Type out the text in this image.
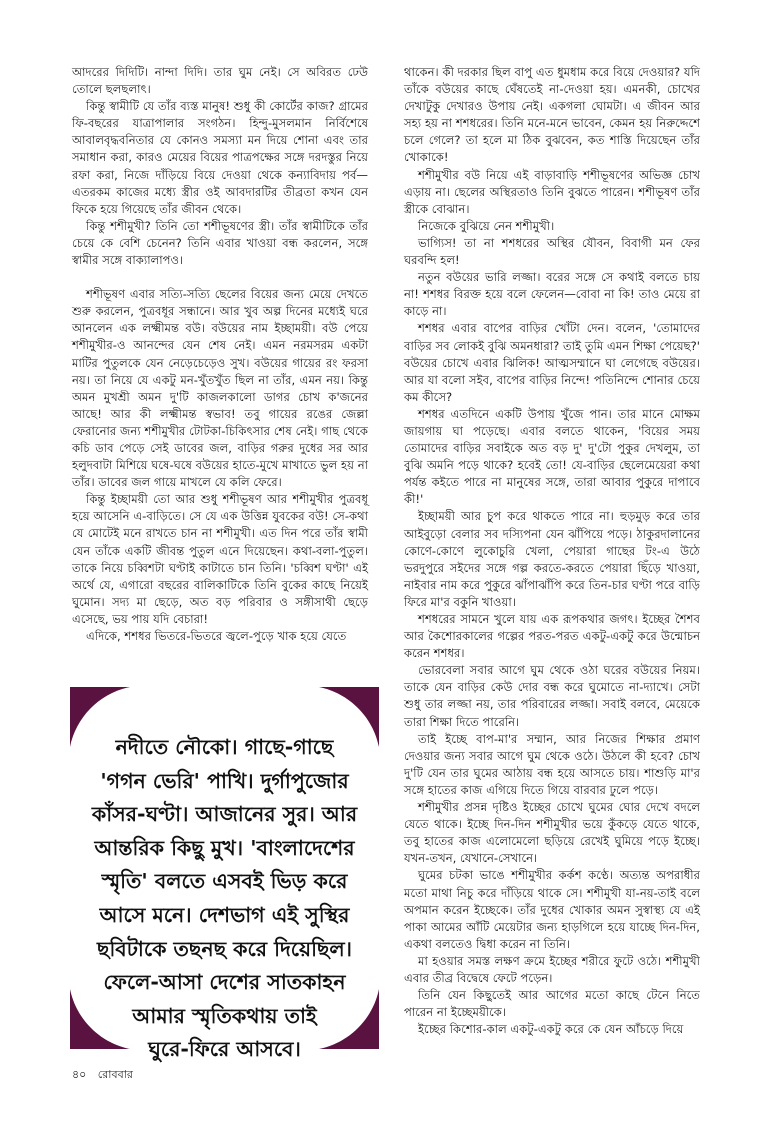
আদরের দিদিটি। নান্দা দিদি। তার ঘুম নেই। সে অবিরত ঢেউ তোলে ছলছলাৎ।

কিন্তু স্বামীটি যে তাঁর ব্যস্ত মানুষ! শুধু কী কোর্টের কাজ? গ্রামের ফি-বছরের যাত্রাপালার সংগঠন। হিন্দু-মুসলমান নির্বিশেষে আবালবৃদ্ধবনিতার যে কোনও সমস্যা মন দিয়ে শোনা এবং তার সমাধান করা, কারও মেয়ের বিয়ের পাত্রপক্ষের সঙ্গে দরদস্তুর নিয়ে রফা করা, নিজে দাঁড়িয়ে বিয়ে দেওয়া থেকে কন্যাবিদায় পর্ব—এতরকম কাজের মধ্যে স্ত্রীর ওই আবদারটির তীব্রতা কখন যেন ফিকে হয়ে গিয়েছে তাঁর জীবন থেকে।

কিন্তু শশীমুখী? তিনি তো শশীভূষণের স্ত্রী। তাঁর স্বামীটিকে তাঁর চেয়ে কে বেশি চেনেন? তিনি এবার খাওয়া বন্ধ করলেন, সঙ্গে স্বামীর সঙ্গে বাক্যালাপও।

শশীভূষণ এবার সত্যি-সত্যি ছেলের বিয়ের জন্য মেয়ে দেখতে শুরু করলেন, পুত্রবধূর সন্ধানে। আর খুব অল্প দিনের মধ্যেই ঘরে আনলেন এক লক্ষ্মীমন্ত বউ। বউয়ের নাম ইচ্ছাময়ী। বউ পেয়ে শশীমুখীর-ও আনন্দের যেন শেষ নেই। এমন নরমসরম একটা মাটির পুতুলকে যেন নেড়েচেড়েও সুখ। বউয়ের গায়ের রং ফরসা নয়। তা নিয়ে যে একটু মন-খুঁতখুঁত ছিল না তাঁর, এমন নয়। কিন্তু অমন মুখশ্রী অমন দু'টি কাজলকালো ডাগর চোখ ক'জনের আছে! আর কী লক্ষ্মীমন্ত স্বভাব! তবু গায়ের রঙের জেল্লা ফেরানোর জন্য শশীমুখীর টোটকা-চিকিৎসার শেষ নেই। গাছ থেকে কচি ডাব পেড়ে সেই ডাবের জল, বাড়ির গরুর দুধের সর আর হলুদবাটা মিশিয়ে ঘষে-ঘষে বউয়ের হাতে-মুখে মাখাতে ভুল হয় না তাঁর। ডাবের জল গায়ে মাখলে যে কলি ফেরে।

কিন্তু ইচ্ছাময়ী তো আর শুধু শশীভূষণ আর শশীমুখীর পুত্রবধূ হয়ে আসেনি এ-বাড়িতে। সে যে এক উত্তিন্ন যুবকের বউ! সে-কথা যে মোটেই মনে রাখতে চান না শশীমুখী। এত দিন পরে তাঁর স্বামী যেন তাঁকে একটি জীবন্ত পুতুল এনে দিয়েছেন। কথা-বলা-পুতুল। তাকে নিয়ে চব্বিশটা ঘণ্টাই কাটাতে চান তিনি। 'চব্বিশ ঘণ্টা' এই অর্থে যে, এগারো বছরের বালিকাটিকে তিনি বুকের কাছে নিয়েই ঘুমোন। সদ্য মা ছেড়ে, অত বড় পরিবার ও সঙ্গীসাথী ছেড়ে এসেছে, ভয় পায় যদি বেচারা!

এদিকে, শশধর ভিতরে-ভিতরে জ্বলে-পুড়ে খাক হয়ে যেতে

থাকেন। কী দরকার ছিল বাপু এত ধুমধাম করে বিয়ে দেওয়ার? যদি তাঁকে বউয়ের কাছে ঘেঁষতেই না-দেওয়া হয়। এমনকী, চোখের দেখাটুকু দেখারও উপায় নেই। একগলা ঘোমটা। এ জীবন আর সহ্য হয় না শশধরের। তিনি মনে-মনে ভাবেন, কেমন হয় নিরুদ্দেশে চলে গেলে? তা হলে মা ঠিক বুঝবেন, কত শাস্তি দিয়েছেন তাঁর খোকাকে!

শশীমুখীর বউ নিয়ে এই বাড়াবাড়ি শশীভূষণের অভিজ্ঞ চোখ এড়ায় না। ছেলের অস্থিরতাও তিনি বুঝতে পারেন। শশীভূষণ তাঁর স্ত্রীকে বোঝান।

নিজেকে বুঝিয়ে নেন শশীমুখী।

ভাগ্যিস! তা না শশধরের অস্থির যৌবন, বিবাগী মন ফের ঘরবন্দি হল!

নতুন বউয়ের ভারি লজ্জা। বরের সঙ্গে সে কথাই বলতে চায় না! শশধর বিরক্ত হয়ে বলে ফেলেন—বোবা না কি! তাও মেয়ে রা কাড়ে না।

শশধর এবার বাপের বাড়ির খোঁটা দেন। বলেন, 'তোমাদের বাড়ির সব লোকই বুঝি অমনধারা? তাই তুমি এমন শিক্ষা পেয়েছ?' বউয়ের চোখে এবার ঝিলিক! আত্মসম্মানে ঘা লেগেছে বউয়ের। আর যা বলো সইব, বাপের বাড়ির নিন্দে! পতিনিন্দে শোনার চেয়ে কম কীসে?

শশধর এতদিনে একটি উপায় খুঁজে পান। তার মানে মোক্ষম জায়গায় ঘা পড়েছে। এবার বলতে থাকেন, 'বিয়ের সময় তোমাদের বাড়ির সবাইকে অত বড় দু' দু'টো পুকুর দেখলুম, তা বুঝি অমনি পড়ে থাকে? হবেই তো! যে-বাড়ির ছেলেমেয়েরা কথা পর্যন্ত কইতে পারে না মানুষের সঙ্গে, তারা আবার পুকুরে দাপাবে কী!'

ইচ্ছাময়ী আর চুপ করে থাকতে পারে না। হুড়মুড় করে তার আইবুড়ো বেলার সব দস্যিপনা যেন ঝাঁপিয়ে পড়ে। ঠাকুরদালানের কোণে-কোণে লুকোচুরি খেলা, পেয়ারা গাছের টং-এ উঠে ভরদুপুরে সইদের সঙ্গে গল্প করতে-করতে পেয়ারা ছিঁড়ে খাওয়া, নাইবার নাম করে পুকুরে ঝাঁপাঝাঁপি করে তিন-চার ঘণ্টা পরে বাড়ি ফিরে মা'র বকুনি খাওয়া।

শশধরের সামনে খুলে যায় এক রূপকথার জগৎ। ইচ্ছের শৈশব আর কৈশোরকালের গল্পের পরত-পরত একটু-একটু করে উন্মোচন করেন শশধর।

ভোরবেলা সবার আগে ঘুম থেকে ওঠা ঘরের বউয়ের নিয়ম। তাকে যেন বাড়ির কেউ দোর বন্ধ করে ঘুমোতে না-দ্যাখে। সেটা শুধু তার লজ্জা নয়, তার পরিবারের লজ্জা। সবাই বলবে, মেয়েকে তারা শিক্ষা দিতে পারেনি।

তাই ইচ্ছে বাপ-মা'র সম্মান, আর নিজের শিক্ষার প্রমাণ দেওয়ার জন্য সবার আগে ঘুম থেকে ওঠে। উঠলে কী হবে? চোখ দু'টি যেন তার ঘুমের আঠায় বন্ধ হয়ে আসতে চায়। শাশুড়ি মা'র সঙ্গে হাতের কাজ এগিয়ে দিতে গিয়ে বারবার ঢুলে পড়ে।

শশীমুখীর প্রসন্ন দৃষ্টিও ইচ্ছের চোখে ঘুমের ঘোর দেখে বদলে যেতে থাকে। ইচ্ছে দিন-দিন শশীমুখীর ভয়ে কুঁকড়ে যেতে থাকে, তবু হাতের কাজ এলোমেলো ছড়িয়ে রেখেই ঘুমিয়ে পড়ে ইচ্ছে। যখন-তখন, যেখানে-সেখানে।

ঘুমের চটকা ভাঙে শশীমুখীর কর্কশ কণ্ঠে। অত্যন্ত অপরাধীর মতো মাথা নিচু করে দাঁড়িয়ে থাকে সে। শশীমুখী যা-নয়-তাই বলে অপমান করেন ইচ্ছেকে। তাঁর দুধের খোকার অমন সুস্বাস্থ্য যে এই পাকা আমের আঁটি মেয়েটার জন্য হাড়গিলে হয়ে যাচ্ছে দিন-দিন, একথা বলতেও দ্বিধা করেন না তিনি।

মা হওয়ার সমস্ত লক্ষণ ক্রমে ইচ্ছের শরীরে ফুটে ওঠে। শশীমুখী এবার তীব্র বিদ্বেষে ফেটে পড়েন।

তিনি যেন কিছুতেই আর আগের মতো কাছে টেনে নিতে পারেন না ইচ্ছেময়ীকে।

ইচ্ছের কিশোর-কাল একটু-একটু করে কে যেন আঁচড়ে দিয়ে

নদীতে নৌকো। গাছে-গাছে
'গগন ভেরি' পাখি। দুর্গাপুজোর
কাঁসর-ঘণ্টা। আজানের সুর। আর
আন্তরিক কিছু মুখ। 'বাংলাদেশের
স্মৃতি' বলতে এসবই ভিড় করে
আসে মনে। দেশভাগ এই সুস্থির
ছবিটাকে তছনছ করে দিয়েছিল।
ফেলে-আসা দেশের সাতকাহন
আমার স্মৃতিকথায় তাই
ঘুরে-ফিরে আসবে।
৪০ রোববার
